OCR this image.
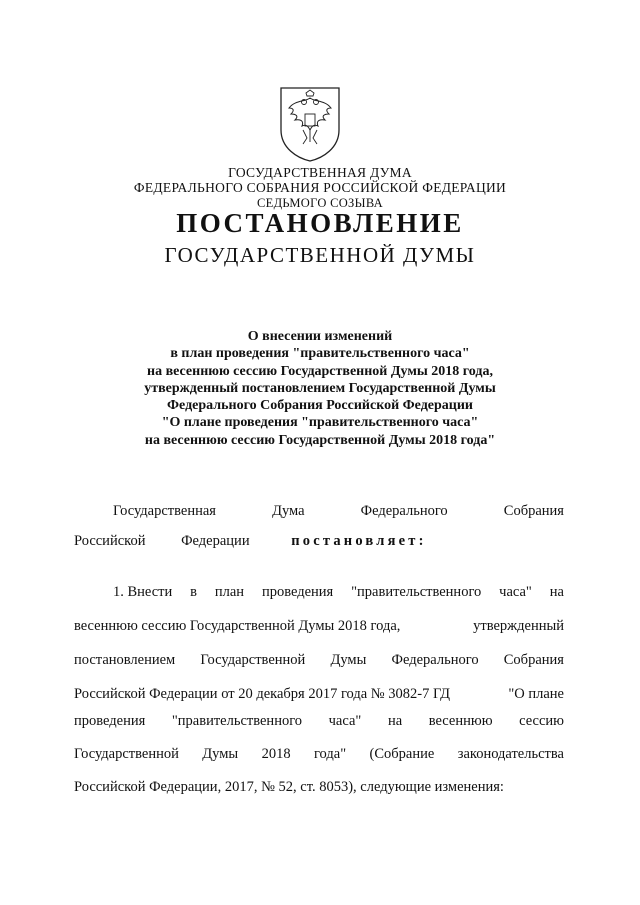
ГОСУДАРСТВЕННАЯ ДУМА
ФЕДЕРАЛЬНОГО СОБРАНИЯ РОССИЙСКОЙ ФЕДЕРАЦИИ
СЕДЬМОГО СОЗЫВА
ПОСТАНОВЛЕНИЕ
ГОСУДАРСТВЕННОЙ ДУМЫ
О внесении изменений
в план проведения "правительственного часа"
на весеннюю сессию Государственной Думы 2018 года,
утвержденный постановлением Государственной Думы
Федерального Собрания Российской Федерации
"О плане проведения "правительственного часа"
на весеннюю сессию Государственной Думы 2018 года"
Государственная	Дума	Федерального	Собрания
Российской Федерации	постановляет:
1. Внести в план проведения "правительственного часа" на
весеннюю сессию Государственной Думы 2018 года,	утвержденный
постановлением Государственной Думы Федерального Собрания
Российской Федерации от 20 декабря 2017 года № 3082-7 ГД	"О плане
проведения "правительственного часа" на весеннюю сессию
Государственной Думы 2018 года" (Собрание законодательства
Российской Федерации, 2017, № 52, ст. 8053), следующие изменения:
